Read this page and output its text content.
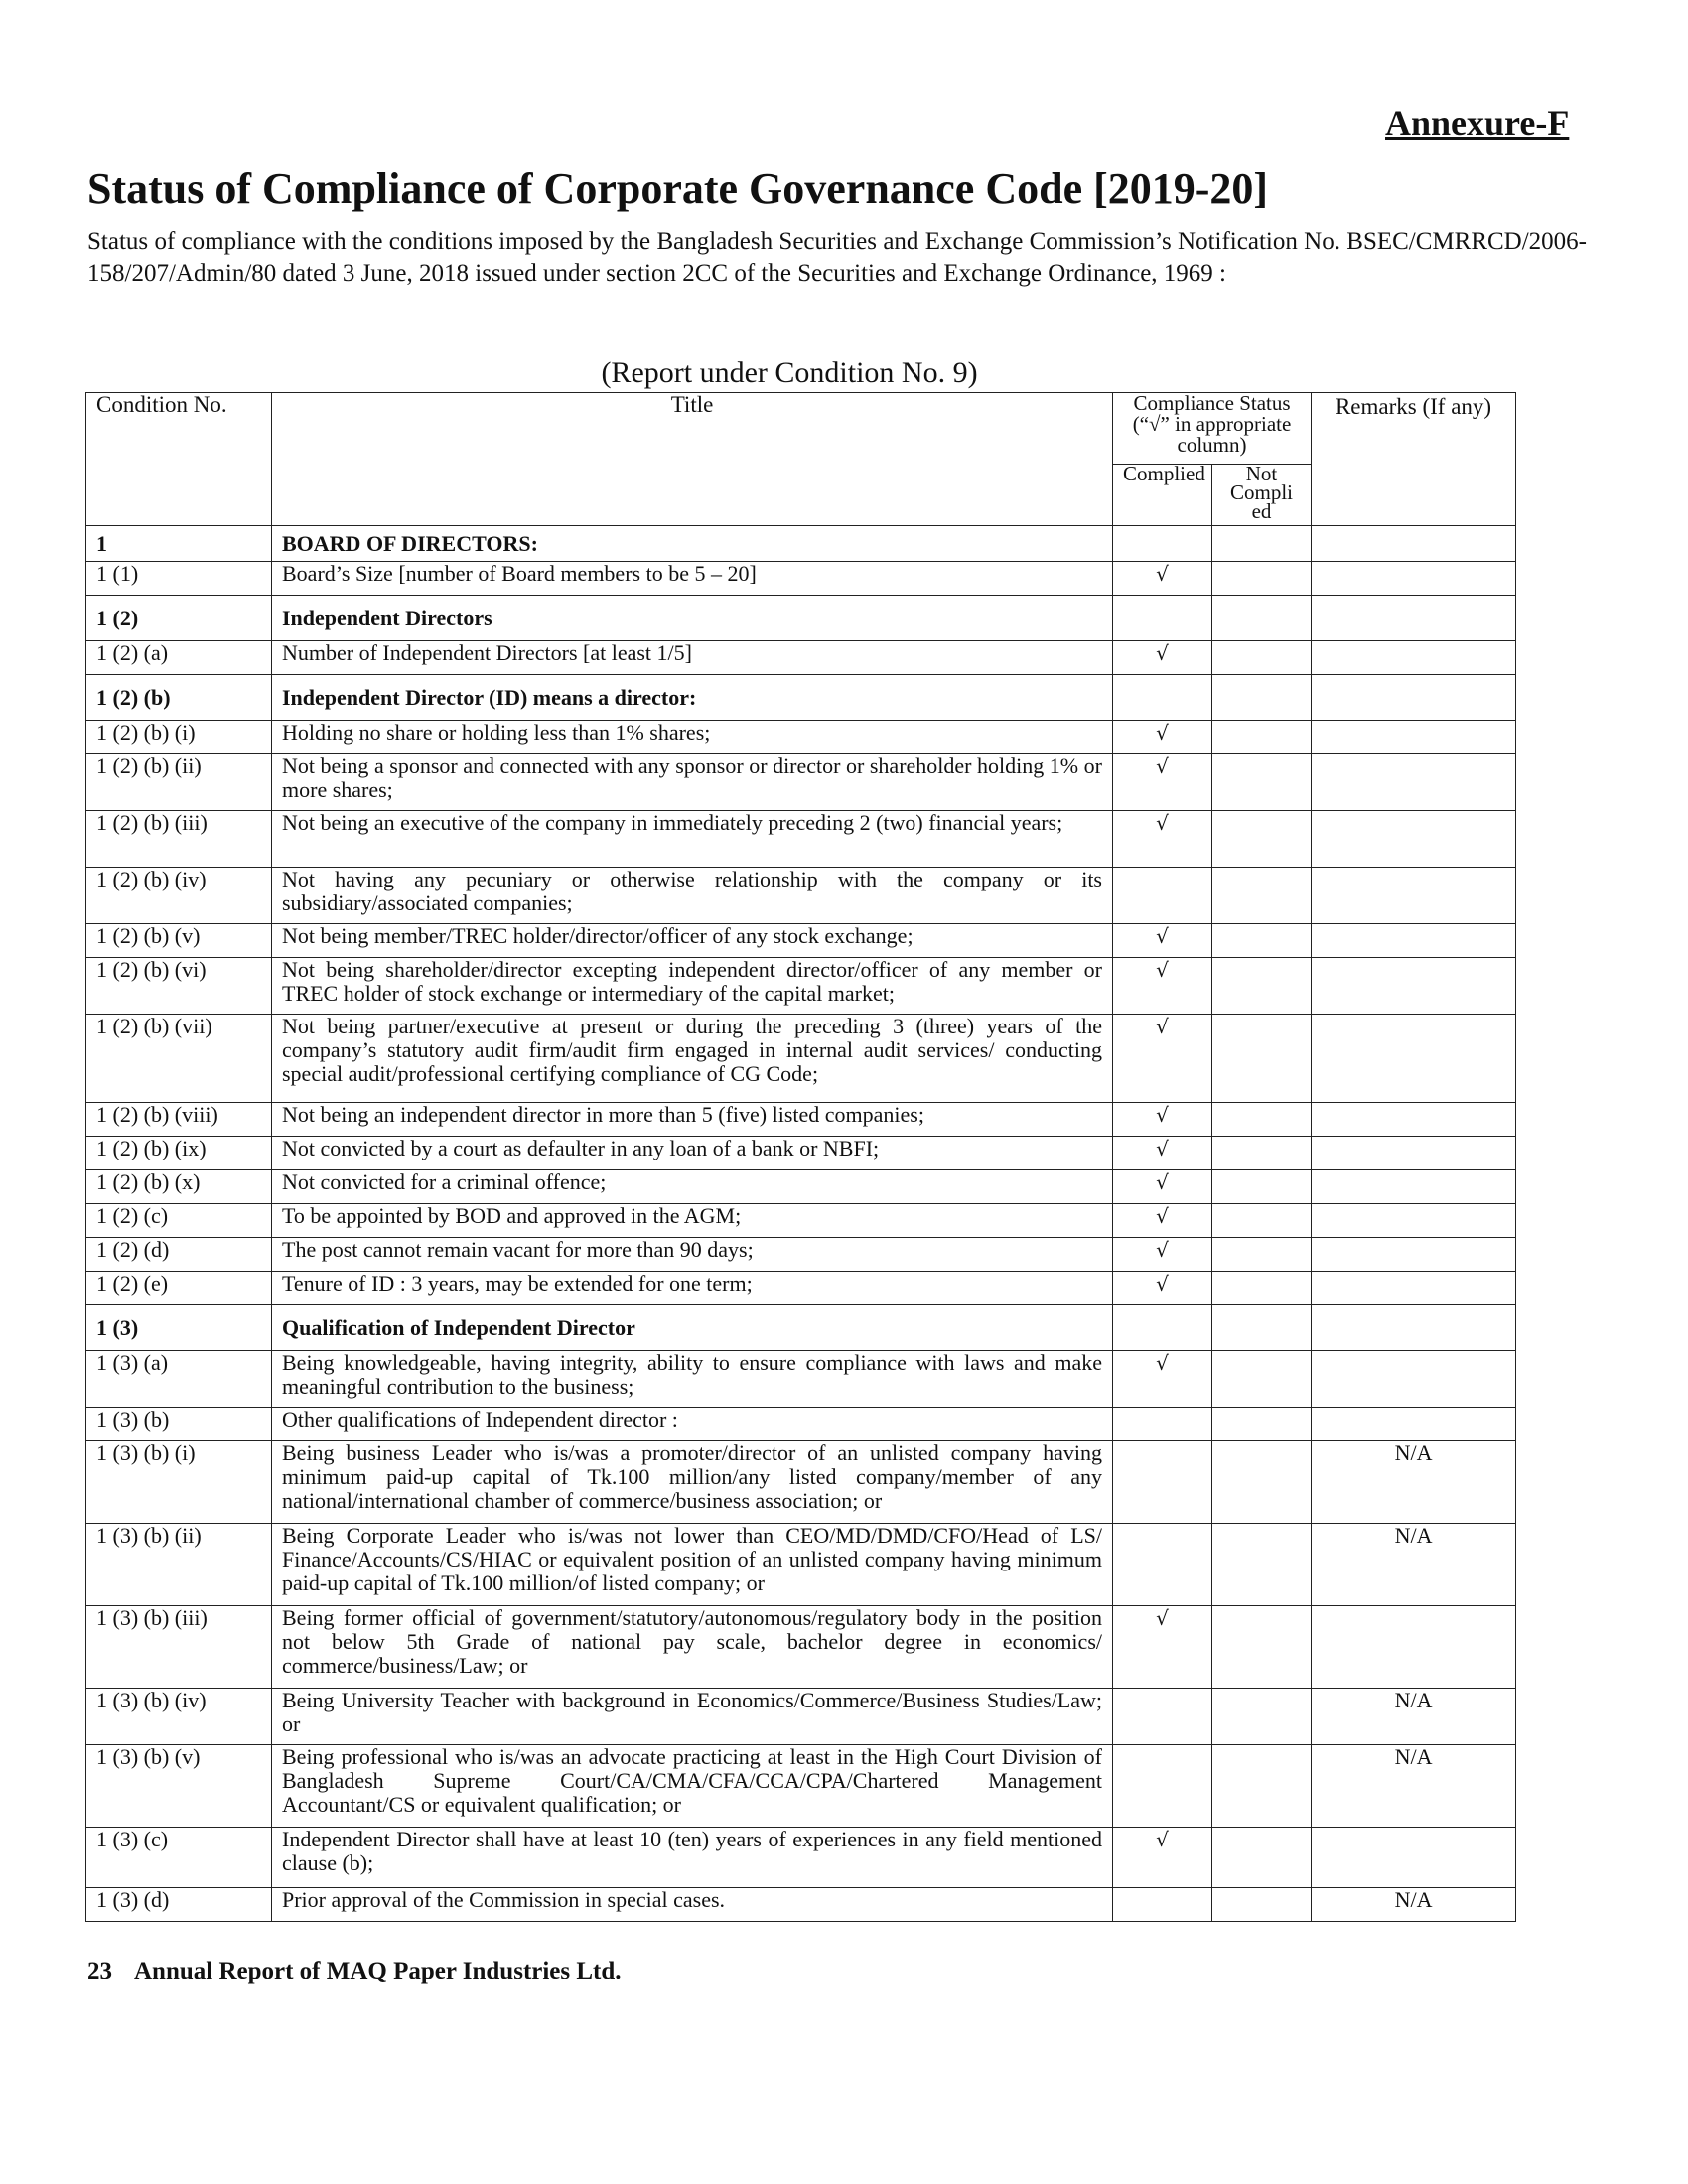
Annexure-F
Status of Compliance of Corporate Governance Code [2019-20]

Status of compliance with the conditions imposed by the Bangladesh Securities and Exchange Commission’s Notification No. BSEC/CMRRCD/2006-158/207/Admin/80 dated 3 June, 2018 issued under section 2CC of the Securities and Exchange Ordinance, 1969 :

(Report under Condition No. 9)
Condition No.	Title	Compliance Status (“√” in appropriate column)		Remarks (If any)
		Complied	Not Compli ed	
1	BOARD OF DIRECTORS:			
1 (1)	Board’s Size [number of Board members to be 5 – 20]	√		
1 (2)	Independent Directors			
1 (2) (a)	Number of Independent Directors [at least 1/5]	√		
1 (2) (b)	Independent Director (ID) means a director:			
1 (2) (b) (i)	Holding no share or holding less than 1% shares;	√		
1 (2) (b) (ii)	Not being a sponsor and connected with any sponsor or director or shareholder holding 1% or more shares;	√		
1 (2) (b) (iii)	Not being an executive of the company in immediately preceding 2 (two) financial years;	√		
1 (2) (b) (iv)	Not having any pecuniary or otherwise relationship with the company or its subsidiary/associated companies;			
1 (2) (b) (v)	Not being member/TREC holder/director/officer of any stock exchange;	√		
1 (2) (b) (vi)	Not being shareholder/director excepting independent director/officer of any member or TREC holder of stock exchange or intermediary of the capital market;	√		
1 (2) (b) (vii)	Not being partner/executive at present or during the preceding 3 (three) years of the company’s statutory audit firm/audit firm engaged in internal audit services/ conducting special audit/professional certifying compliance of CG Code;	√		
1 (2) (b) (viii)	Not being an independent director in more than 5 (five) listed companies;	√		
1 (2) (b) (ix)	Not convicted by a court as defaulter in any loan of a bank or NBFI;	√		
1 (2) (b) (x)	Not convicted for a criminal offence;	√		
1 (2) (c)	To be appointed by BOD and approved in the AGM;	√		
1 (2) (d)	The post cannot remain vacant for more than 90 days;	√		
1 (2) (e)	Tenure of ID : 3 years, may be extended for one term;	√		
1 (3)	Qualification of Independent Director			
1 (3) (a)	Being knowledgeable, having integrity, ability to ensure compliance with laws and make meaningful contribution to the business;	√		
1 (3) (b)	Other qualifications of Independent director :			
1 (3) (b) (i)	Being business Leader who is/was a promoter/director of an unlisted company having minimum paid-up capital of Tk.100 million/any listed company/member of any national/international chamber of commerce/business association; or			N/A
1 (3) (b) (ii)	Being Corporate Leader who is/was not lower than CEO/MD/DMD/CFO/Head of LS/ Finance/Accounts/CS/HIAC or equivalent position of an unlisted company having minimum paid-up capital of Tk.100 million/of listed company; or			N/A
1 (3) (b) (iii)	Being former official of government/statutory/autonomous/regulatory body in the position not below 5th Grade of national pay scale, bachelor degree in economics/ commerce/business/Law; or	√		
1 (3) (b) (iv)	Being University Teacher with background in Economics/Commerce/Business Studies/Law; or			N/A
1 (3) (b) (v)	Being professional who is/was an advocate practicing at least in the High Court Division of Bangladesh Supreme Court/CA/CMA/CFA/CCA/CPA/Chartered Management Accountant/CS or equivalent qualification; or			N/A
1 (3) (c)	Independent Director shall have at least 10 (ten) years of experiences in any field mentioned clause (b);	√		
1 (3) (d)	Prior approval of the Commission in special cases.			N/A
23 Annual Report of MAQ Paper Industries Ltd.
